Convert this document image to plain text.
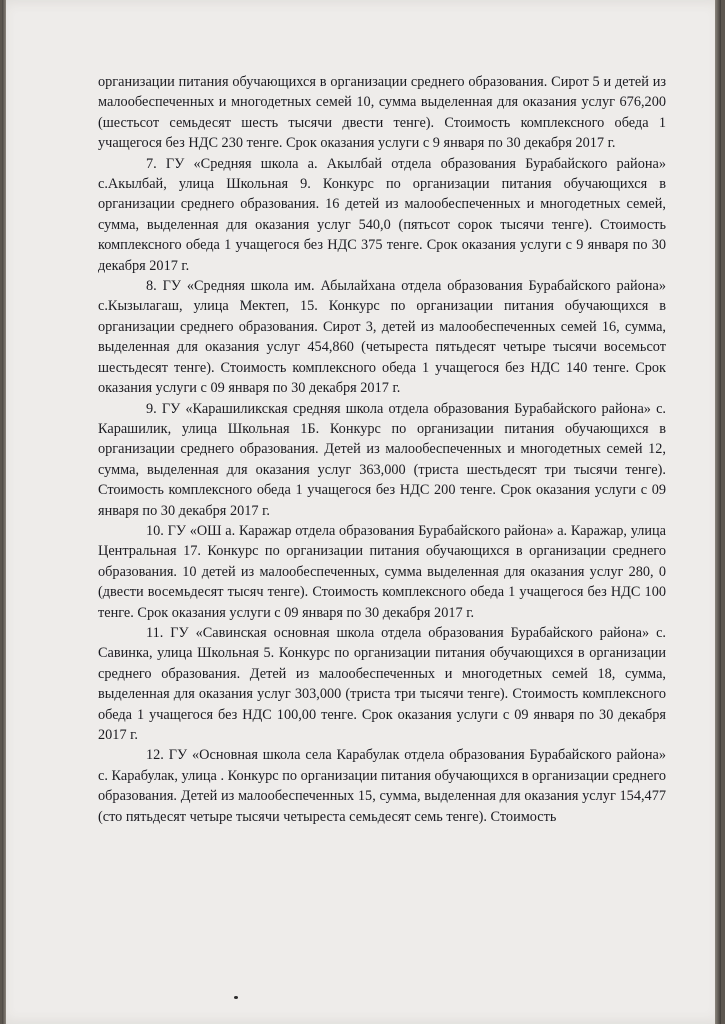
организации питания обучающихся в организации среднего образования. Сирот 5 и детей из малообеспеченных и многодетных семей 10, сумма выделенная для оказания услуг 676,200 (шестьсот семьдесят шесть тысячи двести тенге). Стоимость комплексного обеда 1 учащегося без НДС 230 тенге. Срок оказания услуги с 9 января по 30 декабря 2017 г.

7. ГУ «Средняя школа а. Акылбай отдела образования Бурабайского района» с.Акылбай, улица Школьная 9. Конкурс по организации питания обучающихся в организации среднего образования. 16 детей из малообеспеченных и многодетных семей, сумма, выделенная для оказания услуг 540,0 (пятьсот сорок тысячи тенге). Стоимость комплексного обеда 1 учащегося без НДС 375 тенге. Срок оказания услуги с 9 января по 30 декабря 2017 г.

8. ГУ «Средняя школа им. Абылайхана отдела образования Бурабайского района» с.Кызылагаш, улица Мектеп, 15. Конкурс по организации питания обучающихся в организации среднего образования. Сирот 3, детей из малообеспеченных семей 16, сумма, выделенная для оказания услуг 454,860 (четыреста пятьдесят четыре тысячи восемьсот шестьдесят тенге). Стоимость комплексного обеда 1 учащегося без НДС 140 тенге. Срок оказания услуги с 09 января по 30 декабря 2017 г.

9. ГУ «Карашиликская средняя школа отдела образования Бурабайского района» с. Карашилик, улица Школьная 1Б. Конкурс по организации питания обучающихся в организации среднего образования. Детей из малообеспеченных и многодетных семей 12, сумма, выделенная для оказания услуг 363,000 (триста шестьдесят три тысячи тенге). Стоимость комплексного обеда 1 учащегося без НДС 200 тенге. Срок оказания услуги с 09 января по 30 декабря 2017 г.

10. ГУ «ОШ а. Каражар отдела образования Бурабайского района» а. Каражар, улица Центральная 17. Конкурс по организации питания обучающихся в организации среднего образования. 10 детей из малообеспеченных, сумма выделенная для оказания услуг 280, 0 (двести восемьдесят тысяч тенге). Стоимость комплексного обеда 1 учащегося без НДС 100 тенге. Срок оказания услуги с 09 января по 30 декабря 2017 г.

11. ГУ «Савинская основная школа отдела образования Бурабайского района» с. Савинка, улица Школьная 5. Конкурс по организации питания обучающихся в организации среднего образования. Детей из малообеспеченных и многодетных семей 18, сумма, выделенная для оказания услуг 303,000 (триста три тысячи тенге). Стоимость комплексного обеда 1 учащегося без НДС 100,00 тенге. Срок оказания услуги с 09 января по 30 декабря 2017 г.

12. ГУ «Основная школа села Карабулак отдела образования Бурабайского района» с. Карабулак, улица . Конкурс по организации питания обучающихся в организации среднего образования. Детей из малообеспеченных 15, сумма, выделенная для оказания услуг 154,477 (сто пятьдесят четыре тысячи четыреста семьдесят семь тенге). Стоимость
